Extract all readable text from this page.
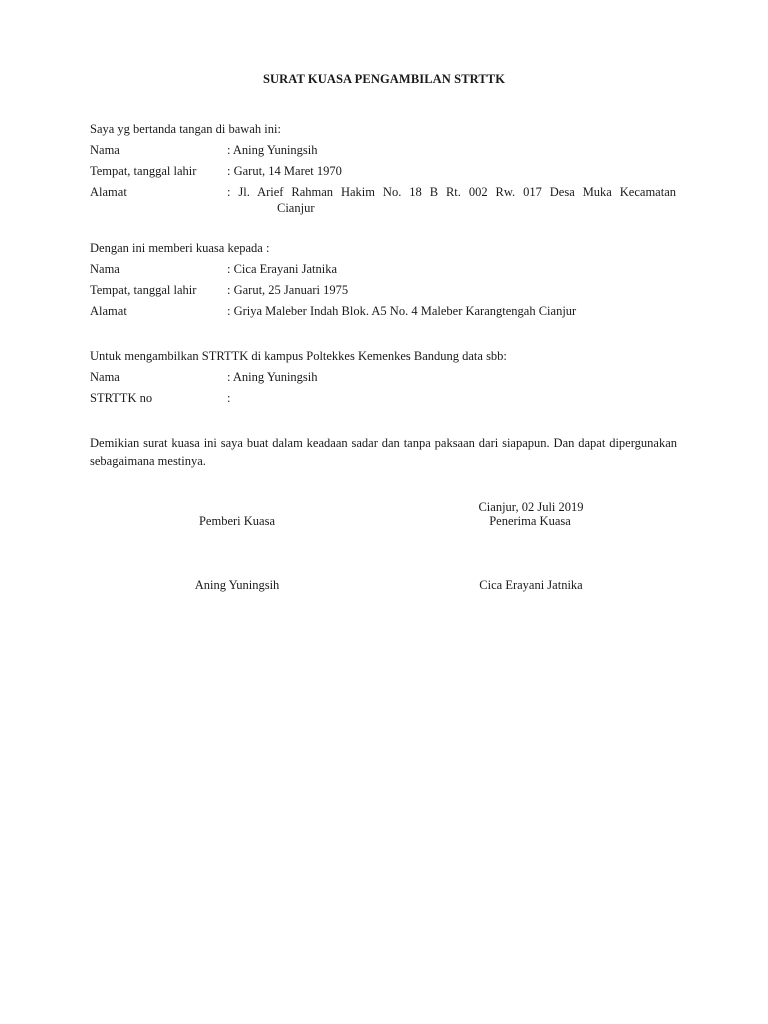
SURAT KUASA PENGAMBILAN STRTTK
Saya yg bertanda tangan di bawah ini:
Nama	: Aning Yuningsih
Tempat, tanggal lahir : Garut, 14 Maret 1970
Alamat	: Jl. Arief Rahman Hakim No. 18 B Rt. 002 Rw. 017 Desa Muka Kecamatan
Cianjur
Dengan ini memberi kuasa kepada :
Nama	: Cica Erayani Jatnika
Tempat, tanggal lahir : Garut, 25 Januari 1975
Alamat	: Griya Maleber Indah Blok. A5 No. 4 Maleber Karangtengah Cianjur
Untuk mengambilkan STRTTK di kampus Poltekkes Kemenkes Bandung data sbb:
Nama	: Aning Yuningsih
STRTTK no	:
Demikian surat kuasa ini saya buat dalam keadaan sadar dan tanpa paksaan dari siapapun. Dan dapat dipergunakan sebagaimana mestinya.
Cianjur, 02 Juli 2019
Pemberi Kuasa	Penerima Kuasa
Aning Yuningsih	Cica Erayani Jatnika
